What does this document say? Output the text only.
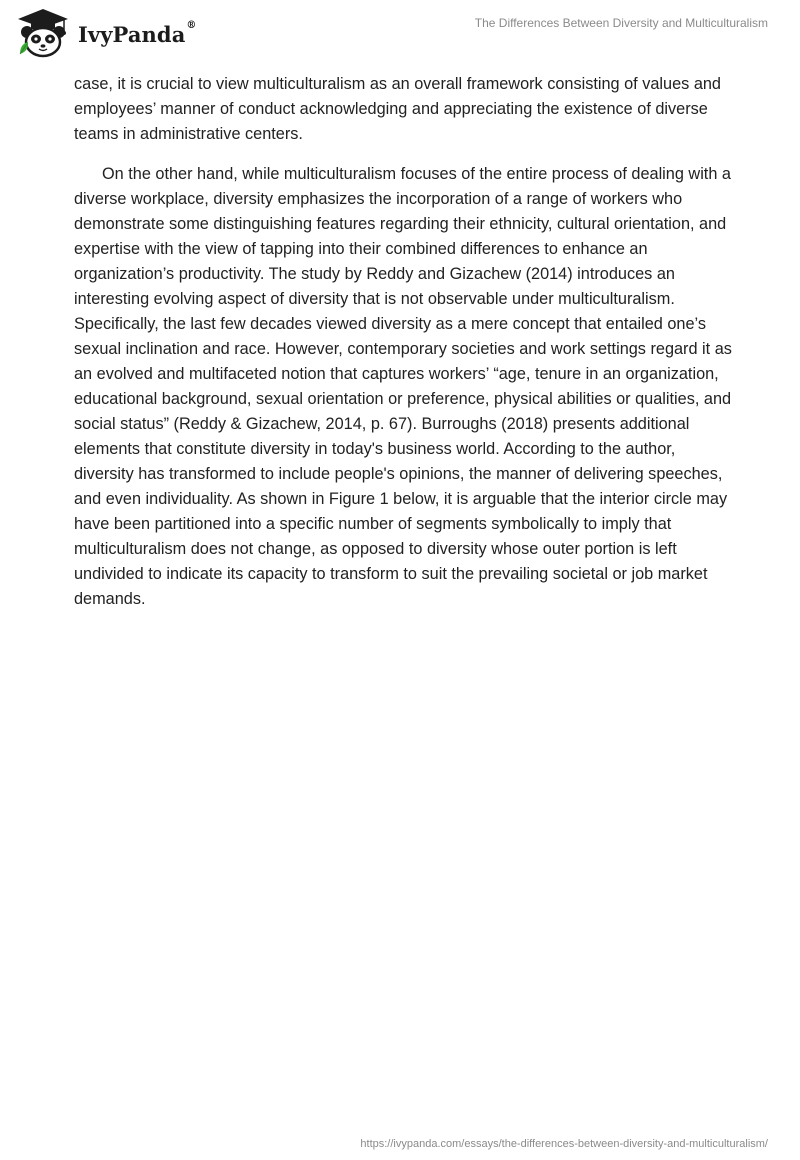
IvyPanda®	The Differences Between Diversity and Multiculturalism

case, it is crucial to view multiculturalism as an overall framework consisting of values and employees’ manner of conduct acknowledging and appreciating the existence of diverse teams in administrative centers.

On the other hand, while multiculturalism focuses of the entire process of dealing with a diverse workplace, diversity emphasizes the incorporation of a range of workers who demonstrate some distinguishing features regarding their ethnicity, cultural orientation, and expertise with the view of tapping into their combined differences to enhance an organization’s productivity. The study by Reddy and Gizachew (2014) introduces an interesting evolving aspect of diversity that is not observable under multiculturalism. Specifically, the last few decades viewed diversity as a mere concept that entailed one’s sexual inclination and race. However, contemporary societies and work settings regard it as an evolved and multifaceted notion that captures workers’ “age, tenure in an organization, educational background, sexual orientation or preference, physical abilities or qualities, and social status” (Reddy & Gizachew, 2014, p. 67). Burroughs (2018) presents additional elements that constitute diversity in today's business world. According to the author, diversity has transformed to include people's opinions, the manner of delivering speeches, and even individuality. As shown in Figure 1 below, it is arguable that the interior circle may have been partitioned into a specific number of segments symbolically to imply that multiculturalism does not change, as opposed to diversity whose outer portion is left undivided to indicate its capacity to transform to suit the prevailing societal or job market demands.

https://ivypanda.com/essays/the-differences-between-diversity-and-multiculturalism/
